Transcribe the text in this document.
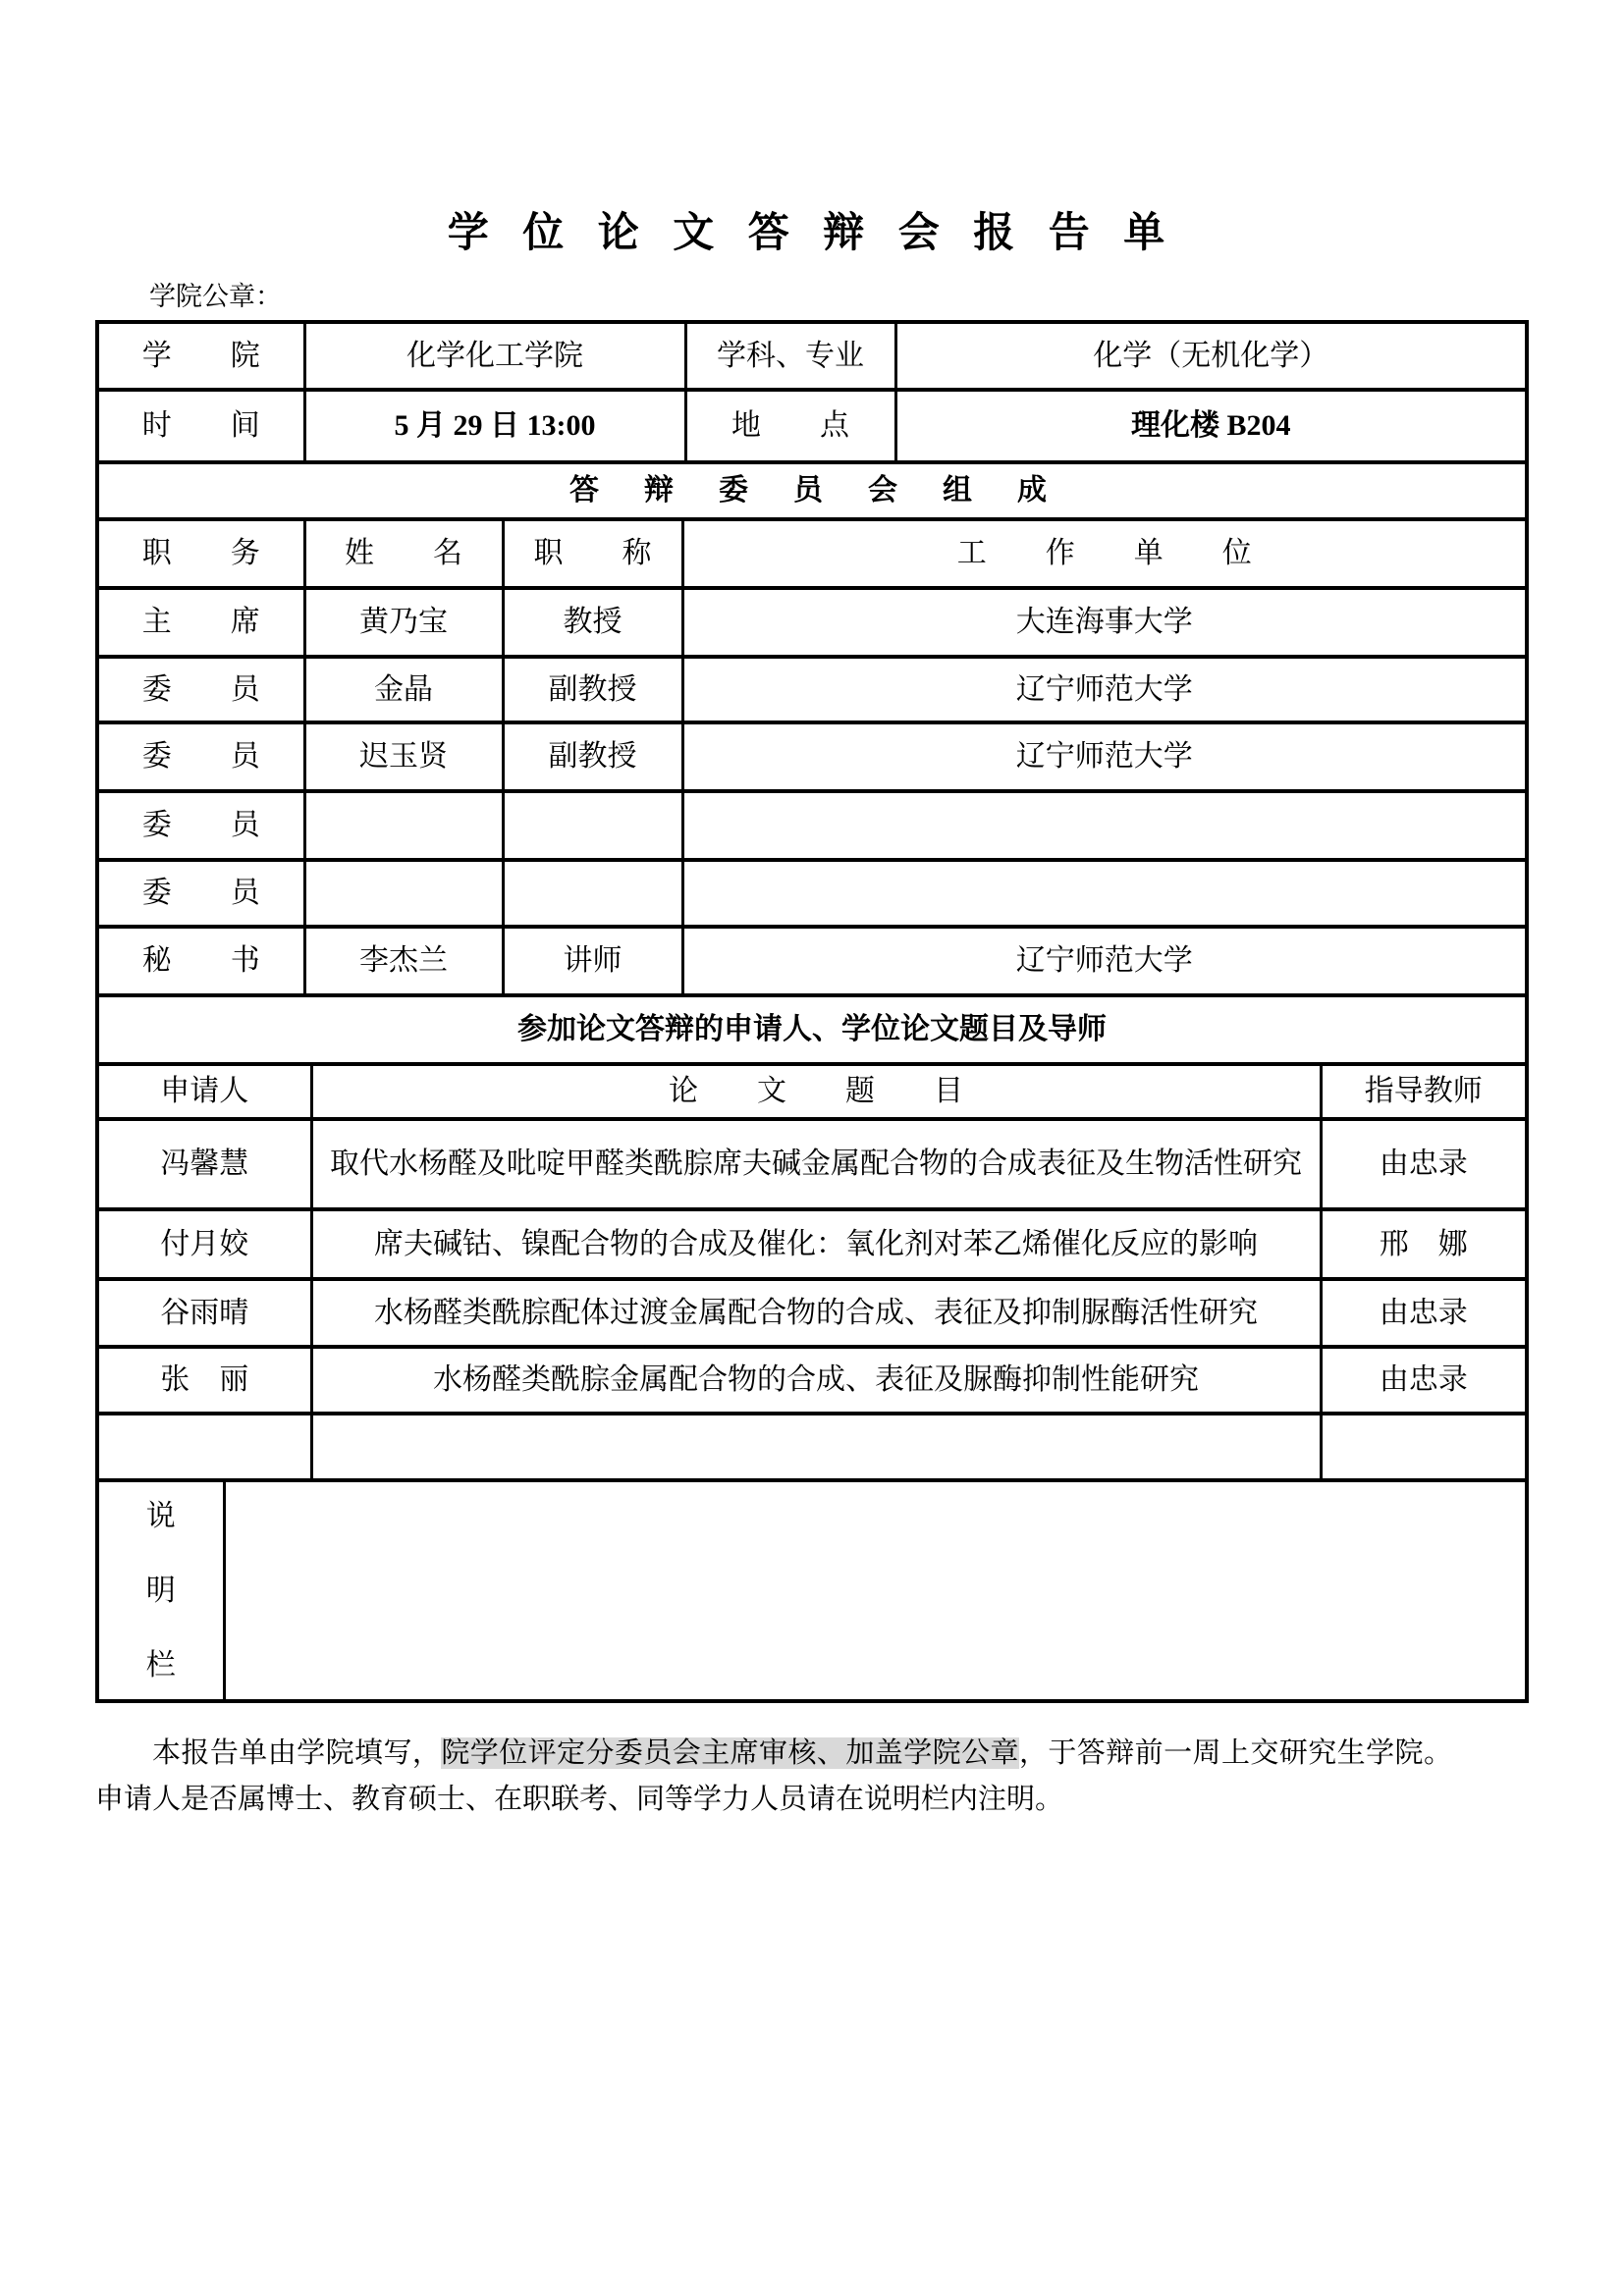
学 位 论 文 答 辩 会 报 告 单
学院公章：
学　　院	化学化工学院	学科、专业	化学（无机化学）
时　　间	5 月 29 日 13:00	地　　点	理化楼 B204
答　辩　委　员　会　组　成			
职　　务	姓　　名	职　　称	工　　作　　单　　位
主　　席	黄乃宝	教授	大连海事大学
委　　员	金晶	副教授	辽宁师范大学
委　　员	迟玉贤	副教授	辽宁师范大学
委　　员			
委　　员			
秘　　书	李杰兰	讲师	辽宁师范大学
参加论文答辩的申请人、学位论文题目及导师		
申请人	论　　文　　题　　目	指导教师
冯馨慧	取代水杨醛及吡啶甲醛类酰腙席夫碱金属配合物的合成表征及生物活性研究	由忠录
付月姣	席夫碱钴、镍配合物的合成及催化：氧化剂对苯乙烯催化反应的影响	邢　娜
谷雨晴	水杨醛类酰腙配体过渡金属配合物的合成、表征及抑制脲酶活性研究	由忠录
张　丽	水杨醛类酰腙金属配合物的合成、表征及脲酶抑制性能研究	由忠录

说
明
栏

本报告单由学院填写，院学位评定分委员会主席审核、加盖学院公章，于答辩前一周上交研究生学院。申请人是否属博士、教育硕士、在职联考、同等学力人员请在说明栏内注明。
